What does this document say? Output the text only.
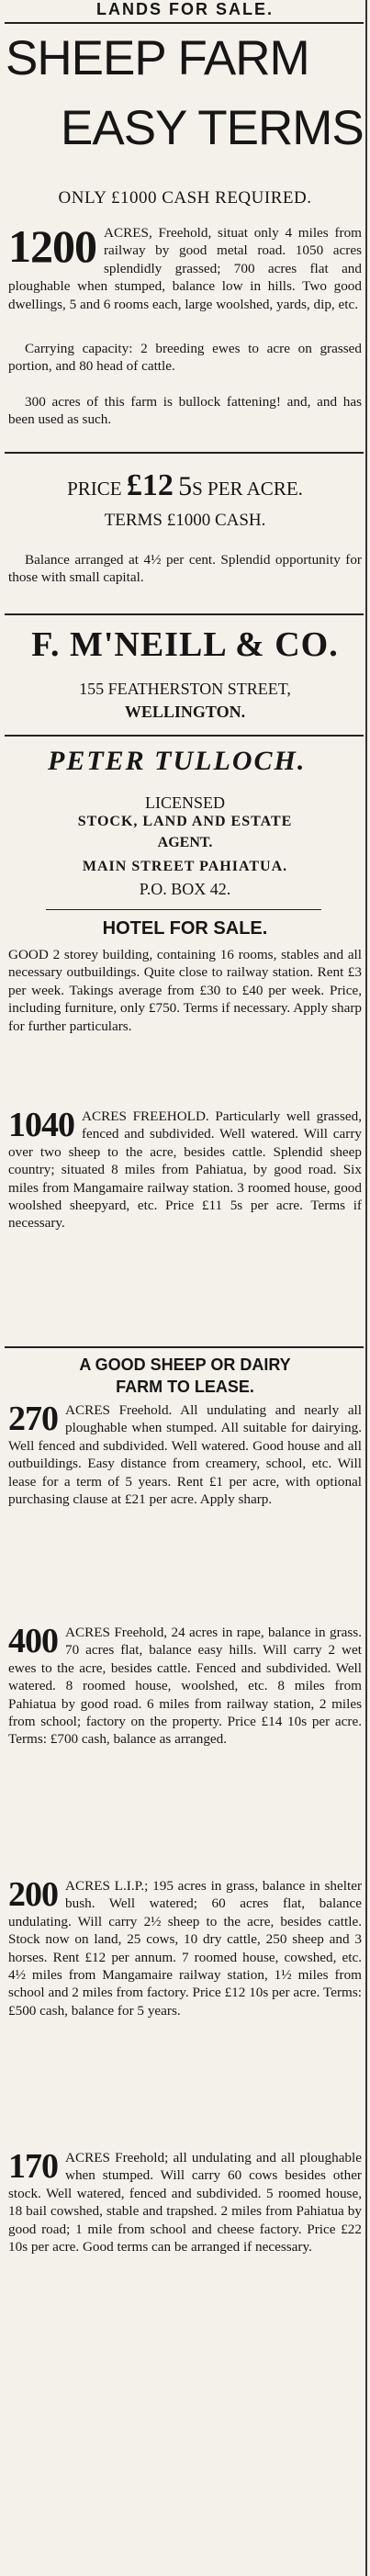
LANDS FOR SALE.
SHEEP FARM
EASY TERMS
ONLY £1000 CASH REQUIRED.
1200 ACRES, Freehold, situat only 4 miles from railway by good metal road. 1050 acres splendidly grassed; 700 acres flat and ploughable when stumped, balance low in hills. Two good dwellings, 5 and 6 rooms each, large woolshed, yards, dip, etc.
Carrying capacity: 2 breeding ewes to acre on grassed portion, and 80 head of cattle.
300 acres of this farm is bullock fattening! and, and has been used as such.
PRICE £12 5S PER ACRE.
TERMS £1000 CASH.
Balance arranged at 4½ per cent. Splendid opportunity for those with small capital.
F. M'NEILL & CO.
155 FEATHERSTON STREET,
WELLINGTON.
PETER TULLOCH.
LICENSED
STOCK, LAND AND ESTATE
AGENT.
MAIN STREET PAHIATUA.
P.O. BOX 42.
HOTEL FOR SALE.
GOOD 2 storey building, containing 16 rooms, stables and all necessary outbuildings. Quite close to railway station. Rent £3 per week. Takings average from £30 to £40 per week. Price, including furniture, only £750. Terms if necessary. Apply sharp for further particulars.
1040 ACRES FREEHOLD. Particularly well grassed, fenced and subdivided. Well watered. Will carry over two sheep to the acre, besides cattle. Splendid sheep country; situated 8 miles from Pahiatua, by good road. Six miles from Mangamaire railway station. 3 roomed house, good woolshed sheepyard, etc. Price £11 5s per acre. Terms if necessary.
A GOOD SHEEP OR DAIRY
FARM TO LEASE.
270 ACRES Freehold. All undulating and nearly all ploughable when stumped. All suitable for dairying. Well fenced and subdivided. Well watered. Good house and all outbuildings. Easy distance from creamery, school, etc. Will lease for a term of 5 years. Rent £1 per acre, with optional purchasing clause at £21 per acre. Apply sharp.
400 ACRES Freehold, 24 acres in rape, balance in grass. 70 acres flat, balance easy hills. Will carry 2 wet ewes to the acre, besides cattle. Fenced and subdivided. Well watered. 8 roomed house, woolshed, etc. 8 miles from Pahiatua by good road. 6 miles from railway station, 2 miles from school; factory on the property. Price £14 10s per acre. Terms: £700 cash, balance as arranged.
200 ACRES L.I.P.; 195 acres in grass, balance in shelter bush. Well watered; 60 acres flat, balance undulating. Will carry 2½ sheep to the acre, besides cattle. Stock now on land, 25 cows, 10 dry cattle, 250 sheep and 3 horses. Rent £12 per annum. 7 roomed house, cowshed, etc. 4½ miles from Mangamaire railway station, 1½ miles from school and 2 miles from factory. Price £12 10s per acre. Terms: £500 cash, balance for 5 years.
170 ACRES Freehold; all undulating and all ploughable when stumped. Will carry 60 cows besides other stock. Well watered, fenced and subdivided. 5 roomed house, 18 bail cowshed, stable and trapshed. 2 miles from Pahiatua by good road; 1 mile from school and cheese factory. Price £22 10s per acre. Good terms can be arranged if necessary.
